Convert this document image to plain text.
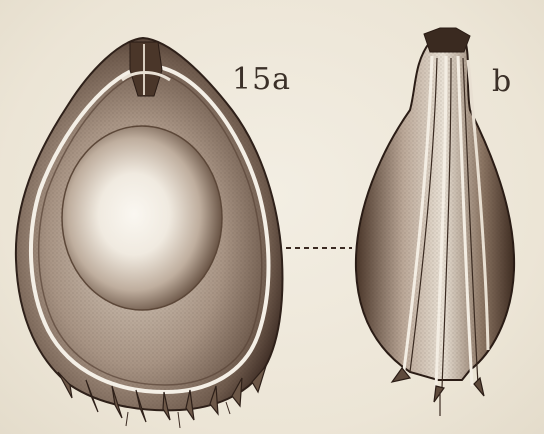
15a	b
